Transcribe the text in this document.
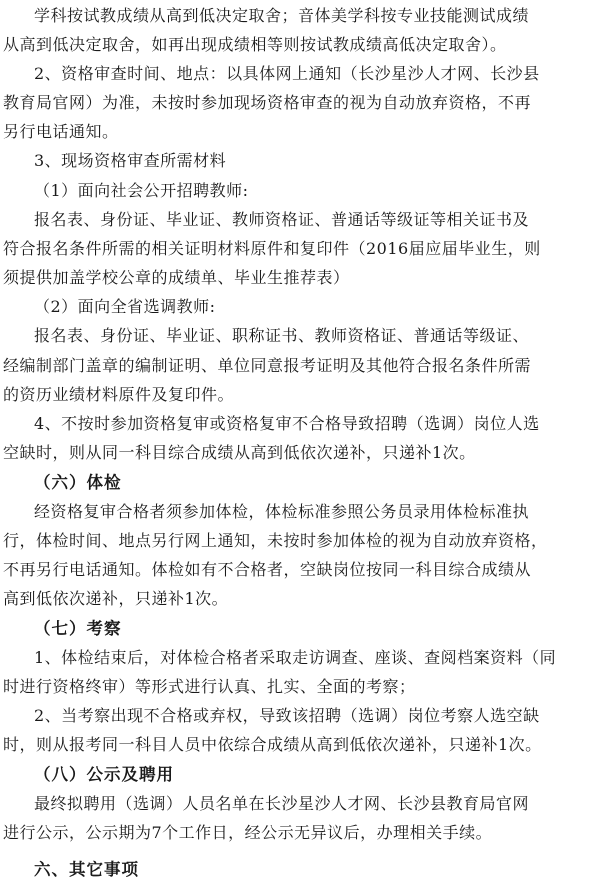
学科按试教成绩从高到低决定取舍；音体美学科按专业技能测试成绩
从高到低决定取舍，如再出现成绩相等则按试教成绩高低决定取舍）。
2、资格审查时间、地点：以具体网上通知（长沙星沙人才网、长沙县
教育局官网）为准，未按时参加现场资格审查的视为自动放弃资格，不再
另行电话通知。
3、现场资格审查所需材料
（1）面向社会公开招聘教师:
报名表、身份证、毕业证、教师资格证、普通话等级证等相关证书及
符合报名条件所需的相关证明材料原件和复印件（2016届应届毕业生，则
须提供加盖学校公章的成绩单、毕业生推荐表）
（2）面向全省选调教师:
报名表、身份证、毕业证、职称证书、教师资格证、普通话等级证、
经编制部门盖章的编制证明、单位同意报考证明及其他符合报名条件所需
的资历业绩材料原件及复印件。
4、不按时参加资格复审或资格复审不合格导致招聘（选调）岗位人选
空缺时，则从同一科目综合成绩从高到低依次递补，只递补1次。
（六）体检
经资格复审合格者须参加体检，体检标准参照公务员录用体检标准执
行，体检时间、地点另行网上通知，未按时参加体检的视为自动放弃资格，
不再另行电话通知。体检如有不合格者，空缺岗位按同一科目综合成绩从
高到低依次递补，只递补1次。
（七）考察
1、体检结束后，对体检合格者采取走访调查、座谈、查阅档案资料（同
时进行资格终审）等形式进行认真、扎实、全面的考察；
2、当考察出现不合格或弃权，导致该招聘（选调）岗位考察人选空缺
时，则从报考同一科目人员中依综合成绩从高到低依次递补，只递补1次。
（八）公示及聘用
最终拟聘用（选调）人员名单在长沙星沙人才网、长沙县教育局官网
进行公示，公示期为7个工作日，经公示无异议后，办理相关手续。
六、其它事项
